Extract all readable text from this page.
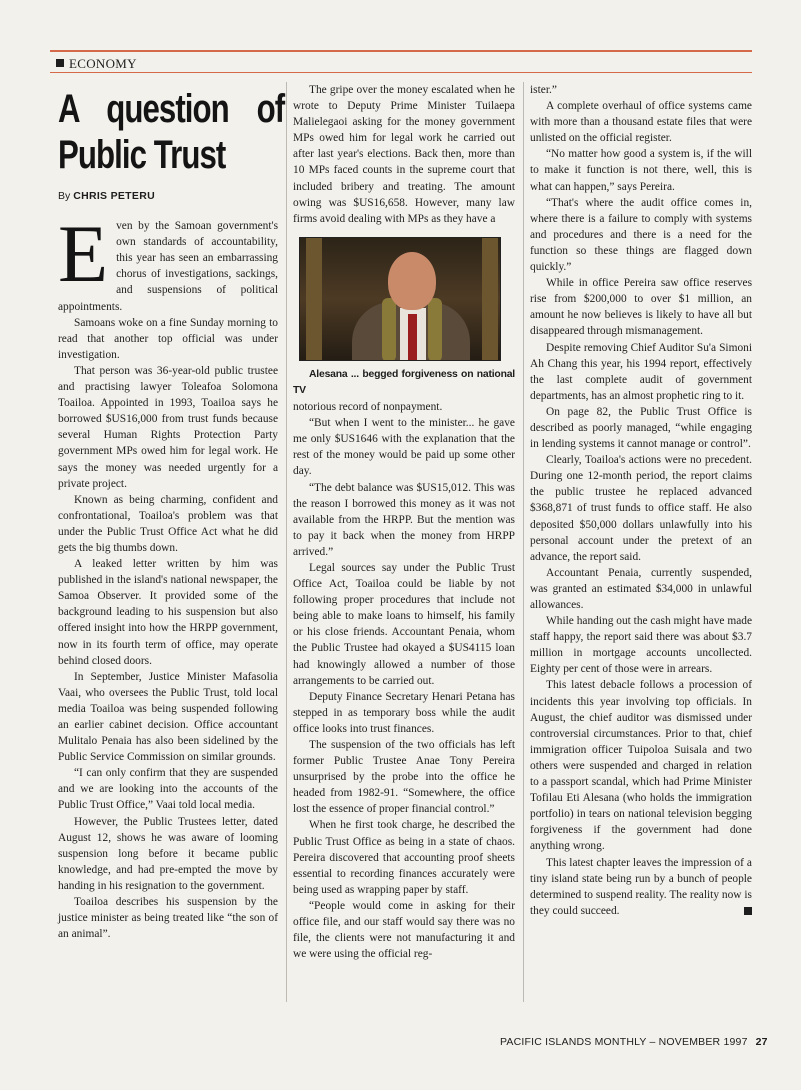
ECONOMY
A question of Public Trust
By CHRIS PETERU
E ven by the Samoan government's own standards of accountability, this year has seen an embarrassing chorus of investigations, sackings, and suspensions of political appointments.

Samoans woke on a fine Sunday morning to read that another top official was under investigation.

That person was 36-year-old public trustee and practising lawyer Toleafoa Solomona Toailoa. Appointed in 1993, Toailoa says he borrowed $US16,000 from trust funds because several Human Rights Protection Party government MPs owed him for legal work. He says the money was needed urgently for a private project.

Known as being charming, confident and confrontational, Toailoa's problem was that under the Public Trust Office Act what he did gets the big thumbs down.

A leaked letter written by him was published in the island's national newspaper, the Samoa Observer. It provided some of the background leading to his suspension but also offered insight into how the HRPP government, now in its fourth term of office, may operate behind closed doors.

In September, Justice Minister Mafasolia Vaai, who oversees the Public Trust, told local media Toailoa was being suspended following an earlier cabinet decision. Office accountant Mulitalo Penaia has also been sidelined by the Public Service Commission on similar grounds.

“I can only confirm that they are suspended and we are looking into the accounts of the Public Trust Office,” Vaai told local media.

However, the Public Trustees letter, dated August 12, shows he was aware of looming suspension long before it became public knowledge, and had pre-empted the move by handing in his resignation to the government.

Toailoa describes his suspension by the justice minister as being treated like “the son of an animal”.

The gripe over the money escalated when he wrote to Deputy Prime Minister Tuilaepa Malielegaoi asking for the money government MPs owed him for legal work he carried out after last year's elections. Back then, more than 10 MPs faced counts in the supreme court that included bribery and treating. The amount owing was $US16,658. However, many law firms avoid dealing with MPs as they have a

Alesana ... begged forgiveness on national TV

notorious record of nonpayment.

“But when I went to the minister... he gave me only $US1646 with the explanation that the rest of the money would be paid up some other day.

“The debt balance was $US15,012. This was the reason I borrowed this money as it was not available from the HRPP. But the mention was to pay it back when the money from HRPP arrived.”

Legal sources say under the Public Trust Office Act, Toailoa could be liable by not following proper procedures that include not being able to make loans to himself, his family or his close friends. Accountant Penaia, whom the Public Trustee had okayed a $US4115 loan had knowingly allowed a number of those arrangements to be carried out.

Deputy Finance Secretary Henari Petana has stepped in as temporary boss while the audit office looks into trust finances.

The suspension of the two officials has left former Public Trustee Anae Tony Pereira unsurprised by the probe into the office he headed from 1982-91. “Somewhere, the office lost the essence of proper financial control.”

When he first took charge, he described the Public Trust Office as being in a state of chaos. Pereira discovered that accounting proof sheets essential to recording finances accurately were being used as wrapping paper by staff.

“People would come in asking for their office file, and our staff would say there was no file, the clients were not manufacturing it and we were using the official reg-

ister.”

A complete overhaul of office systems came with more than a thousand estate files that were unlisted on the official register.

“No matter how good a system is, if the will to make it function is not there, well, this is what can happen,” says Pereira.

“That's where the audit office comes in, where there is a failure to comply with systems and procedures and there is a need for the function so these things are flagged down quickly.”

While in office Pereira saw office reserves rise from $200,000 to over $1 million, an amount he now believes is likely to have all but disappeared through mismanagement.

Despite removing Chief Auditor Su'a Simoni Ah Chang this year, his 1994 report, effectively the last complete audit of government departments, has an almost prophetic ring to it.

On page 82, the Public Trust Office is described as poorly managed, “while engaging in lending systems it cannot manage or control”.

Clearly, Toailoa's actions were no precedent. During one 12-month period, the report claims the public trustee he replaced advanced $368,871 of trust funds to office staff. He also deposited $50,000 dollars unlawfully into his personal account under the pretext of an advance, the report said.

Accountant Penaia, currently suspended, was granted an estimated $34,000 in unlawful allowances.

While handing out the cash might have made staff happy, the report said there was about $3.7 million in mortgage accounts uncollected. Eighty per cent of those were in arrears.

This latest debacle follows a procession of incidents this year involving top officials. In August, the chief auditor was dismissed under controversial circumstances. Prior to that, chief immigration officer Tuipoloa Suisala and two others were suspended and charged in relation to a passport scandal, which had Prime Minister Tofilau Eti Alesana (who holds the immigration portfolio) in tears on national television begging forgiveness if the government had done anything wrong.

This latest chapter leaves the impression of a tiny island state being run by a bunch of people determined to suspend reality. The reality now is they could succeed.

PACIFIC ISLANDS MONTHLY – NOVEMBER 1997 27
